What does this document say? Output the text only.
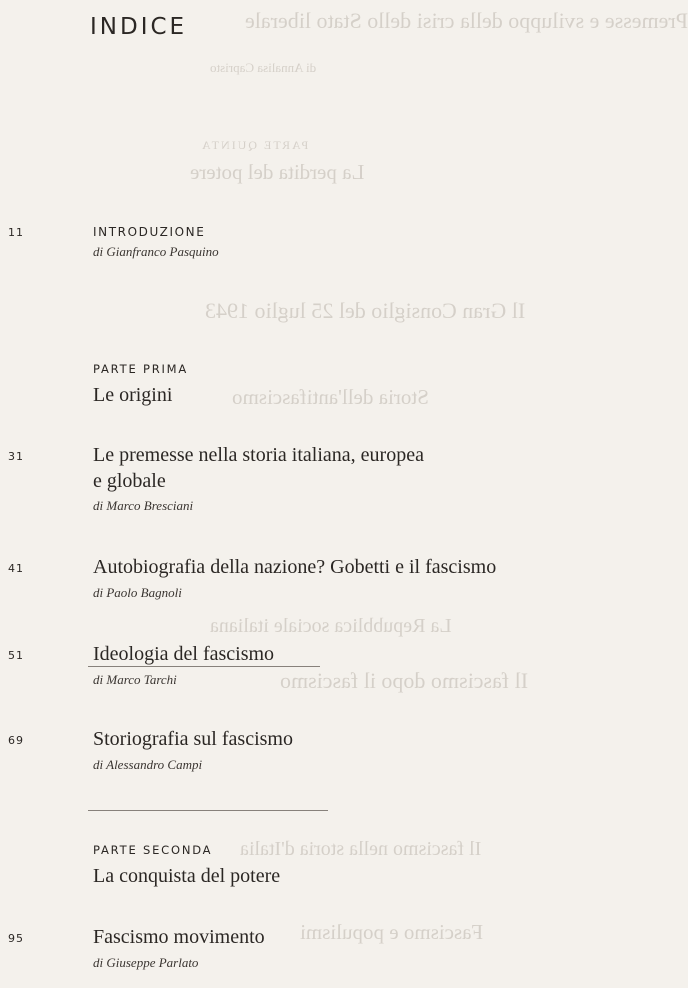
Premesse e sviluppo della crisi dello Stato liberale
di Annalisa Capristo
PARTE QUINTA
La perdita del potere
Il Gran Consiglio del 25 luglio 1943
Storia dell'antifascismo
La Repubblica sociale italiana
Il fascismo dopo il fascismo
Il fascismo nella storia d'Italia
Fascismo e populismi
INDICE
11	INTRODUZIONE
di Gianfranco Pasquino
PARTE PRIMA
Le origini
31	Le premesse nella storia italiana, europea
e globale
di Marco Bresciani
41	Autobiografia della nazione? Gobetti e il fascismo
di Paolo Bagnoli
51	Ideologia del fascismo
di Marco Tarchi
69	Storiografia sul fascismo
di Alessandro Campi
PARTE SECONDA
La conquista del potere
95	Fascismo movimento
di Giuseppe Parlato
